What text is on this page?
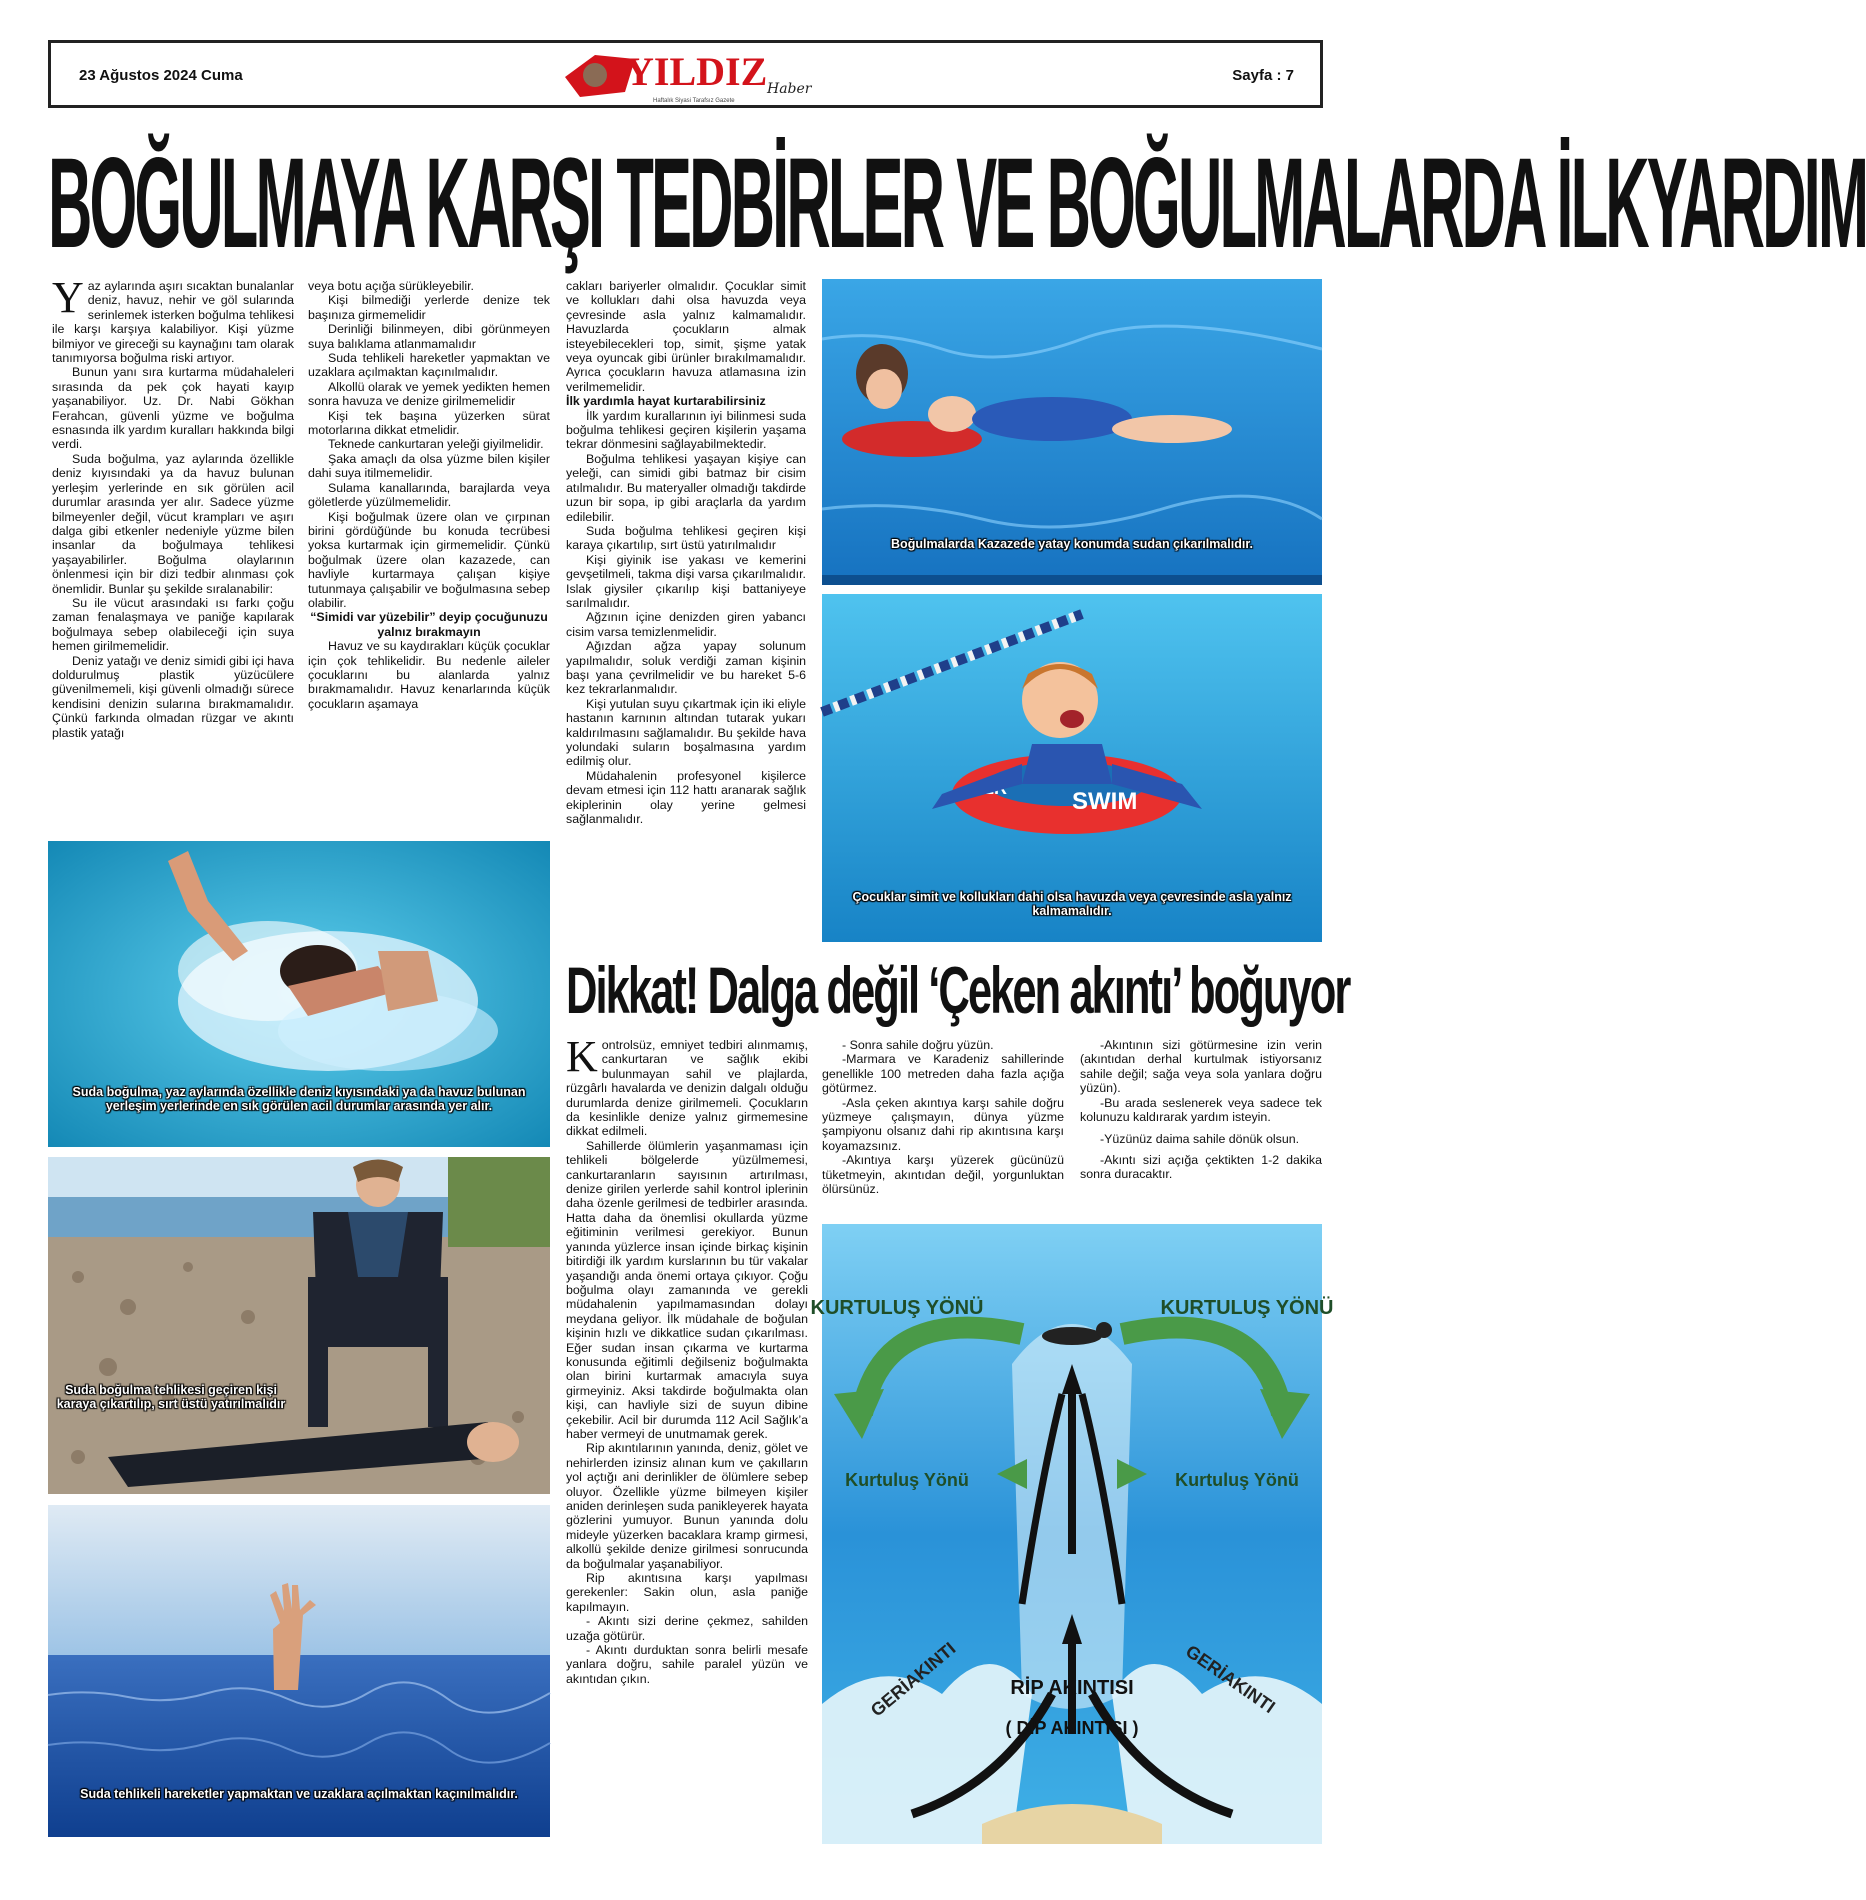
23 Ağustos 2024 Cuma	YILDIZ Haber
Haftalık Siyasi Tarafsız Gazete
Sayfa : 7
BOĞULMAYA KARŞI TEDBİRLER VE BOĞULMALARDA İLKYARDIM
Y az aylarında aşırı sıcaktan bunalanlar deniz, havuz, nehir ve göl sularında serinlemek isterken boğulma tehlikesi ile karşı karşıya kalabiliyor. Kişi yüzme bilmiyor ve gireceği su kaynağını tam olarak tanımıyorsa boğulma riski artıyor.

Bunun yanı sıra kurtarma müdahaleleri sırasında da pek çok hayati kayıp yaşanabiliyor. Uz. Dr. Nabi Gökhan Ferahcan, güvenli yüzme ve boğulma esnasında ilk yardım kuralları hakkında bilgi verdi.

Suda boğulma, yaz aylarında özellikle deniz kıyısındaki ya da havuz bulunan yerleşim yerlerinde en sık görülen acil durumlar arasında yer alır. Sadece yüzme bilmeyenler değil, vücut krampları ve aşırı dalga gibi etkenler nedeniyle yüzme bilen insanlar da boğulmaya tehlikesi yaşayabilirler. Boğulma olaylarının önlenmesi için bir dizi tedbir alınması çok önemlidir. Bunlar şu şekilde sıralanabilir:

Su ile vücut arasındaki ısı farkı çoğu zaman fenalaşmaya ve paniğe kapılarak boğulmaya sebep olabileceği için suya hemen girilmemelidir.

Deniz yatağı ve deniz simidi gibi içi hava doldurulmuş plastik yüzücülere güvenilmemeli, kişi güvenli olmadığı sürece kendisini denizin sularına bırakmamalıdır. Çünkü farkında olmadan rüzgar ve akıntı plastik yatağı

veya botu açığa sürükleyebilir.

Kişi bilmediği yerlerde denize tek başınıza girmemelidir

Derinliği bilinmeyen, dibi görünmeyen suya balıklama atlanmamalıdır

Suda tehlikeli hareketler yapmaktan ve uzaklara açılmaktan kaçınılmalıdır.

Alkollü olarak ve yemek yedikten hemen sonra havuza ve denize girilmemelidir

Kişi tek başına yüzerken sürat motorlarına dikkat etmelidir.

Teknede cankurtaran yeleği giyilmelidir.

Şaka amaçlı da olsa yüzme bilen kişiler dahi suya itilmemelidir.

Sulama kanallarında, barajlarda veya göletlerde yüzülmemelidir.

Kişi boğulmak üzere olan ve çırpınan birini gördüğünde bu konuda tecrübesi yoksa kurtarmak için girmemelidir. Çünkü boğulmak üzere olan kazazede, can havliyle kurtarmaya çalışan kişiye tutunmaya çalışabilir ve boğulmasına sebep olabilir.

“Simidi var yüzebilir” deyip çocuğunuzu yalnız bırakmayın

Havuz ve su kaydırakları küçük çocuklar için çok tehlikelidir. Bu nedenle aileler çocuklarını bu alanlarda yalnız bırakmamalıdır. Havuz kenarlarında küçük çocukların aşamaya

cakları bariyerler olmalıdır. Çocuklar simit ve kollukları dahi olsa havuzda veya çevresinde asla yalnız kalmamalıdır. Havuzlarda çocukların almak isteyebilecekleri top, simit, şişme yatak veya oyuncak gibi ürünler bırakılmamalıdır. Ayrıca çocukların havuza atlamasına izin verilmemelidir.

İlk yardımla hayat kurtarabilirsiniz

İlk yardım kurallarının iyi bilinmesi suda boğulma tehlikesi geçiren kişilerin yaşama tekrar dönmesini sağlayabilmektedir.

Boğulma tehlikesi yaşayan kişiye can yeleği, can simidi gibi batmaz bir cisim atılmalıdır. Bu materyaller olmadığı takdirde uzun bir sopa, ip gibi araçlarla da yardım edilebilir.

Suda boğulma tehlikesi geçiren kişi karaya çıkartılıp, sırt üstü yatırılmalıdır

Kişi giyinik ise yakası ve kemerini gevşetilmeli, takma dişi varsa çıkarılmalıdır. Islak giysiler çıkarılıp kişi battaniyeye sarılmalıdır.

Ağzının içine denizden giren yabancı cisim varsa temizlenmelidir.

Ağızdan ağza yapay solunum yapılmalıdır, soluk verdiği zaman kişinin başı yana çevrilmelidir ve bu hareket 5-6 kez tekrarlanmalıdır.

Kişi yutulan suyu çıkartmak için iki eliyle hastanın karnının altından tutarak yukarı kaldırılmasını sağlamalıdır. Bu şekilde hava yolundaki suların boşalmasına yardım edilmiş olur.

Müdahalenin profesyonel kişilerce devam etmesi için 112 hattı aranarak sağlık ekiplerinin olay yerine gelmesi sağlanmalıdır.

Boğulmalarda Kazazede yatay konumda sudan çıkarılmalıdır.
SWIM
Çocuklar simit ve kollukları dahi olsa havuzda veya çevresinde asla yalnız kalmamalıdır.
Suda boğulma, yaz aylarında özellikle deniz kıyısındaki ya da havuz bulunan yerleşim yerlerinde en sık görülen acil durumlar arasında yer alır.
Suda boğulma tehlikesi geçiren kişi karaya çıkartılıp, sırt üstü yatırılmalıdır
Suda tehlikeli hareketler yapmaktan ve uzaklara açılmaktan kaçınılmalıdır.
Dikkat! Dalga değil ‘Çeken akıntı’ boğuyor
K ontrolsüz, emniyet tedbiri alınmamış, cankurtaran ve sağlık ekibi bulunmayan sahil ve plajlarda, rüzgârlı havalarda ve denizin dalgalı olduğu durumlarda denize girilmemeli. Çocukların da kesinlikle denize yalnız girmemesine dikkat edilmeli.

Sahillerde ölümlerin yaşanmaması için tehlikeli bölgelerde yüzülmemesi, cankurtaranların sayısının artırılması, denize girilen yerlerde sahil kontrol iplerinin daha özenle gerilmesi de tedbirler arasında. Hatta daha da önemlisi okullarda yüzme eğitiminin verilmesi gerekiyor. Bunun yanında yüzlerce insan içinde birkaç kişinin bitirdiği ilk yardım kurslarının bu tür vakalar yaşandığı anda önemi ortaya çıkıyor. Çoğu boğulma olayı zamanında ve gerekli müdahalenin yapılmamasından dolayı meydana geliyor. İlk müdahale de boğulan kişinin hızlı ve dikkatlice sudan çıkarılması. Eğer sudan insan çıkarma ve kurtarma konusunda eğitimli değilseniz boğulmakta olan birini kurtarmak amacıyla suya girmeyiniz. Aksi takdirde boğulmakta olan kişi, can havliyle sizi de suyun dibine çekebilir. Acil bir durumda 112 Acil Sağlık’a haber vermeyi de unutmamak gerek.

Rip akıntılarının yanında, deniz, gölet ve nehirlerden izinsiz alınan kum ve çakılların yol açtığı ani derinlikler de ölümlere sebep oluyor. Özellikle yüzme bilmeyen kişiler aniden derinleşen suda panikleyerek hayata gözlerini yumuyor. Bunun yanında dolu mideyle yüzerken bacaklara kramp girmesi, alkollü şekilde denize girilmesi sonrucunda da boğulmalar yaşanabiliyor.

Rip akıntısına karşı yapılması gerekenler: Sakin olun, asla paniğe kapılmayın.

- Akıntı sizi derine çekmez, sahilden uzağa götürür.

- Akıntı durduktan sonra belirli mesafe yanlara doğru, sahile paralel yüzün ve akıntıdan çıkın.

- Sonra sahile doğru yüzün.

-Marmara ve Karadeniz sahillerinde genellikle 100 metreden daha fazla açığa götürmez.

-Asla çeken akıntıya karşı sahile doğru yüzmeye çalışmayın, dünya yüzme şampiyonu olsanız dahi rip akıntısına karşı koyamazsınız.

-Akıntıya karşı yüzerek gücünüzü tüketmeyin, akıntıdan değil, yorgunluktan ölürsünüz.

-Akıntının sizi götürmesine izin verin (akıntıdan derhal kurtulmak istiyorsanız sahile değil; sağa veya sola yanlara doğru yüzün).

-Bu arada seslenerek veya sadece tek kolunuzu kaldırarak yardım isteyin.

-Yüzünüz daima sahile dönük olsun.

-Akıntı sizi açığa çektikten 1-2 dakika sonra duracaktır.

KURTULUŞ YÖNÜ	KURTULUŞ YÖNÜ
Kurtuluş Yönü	Kurtuluş Yönü
GERİAKINTI	GERİAKINTI
RİP AKINTISI
( DİP AKINTISI )
